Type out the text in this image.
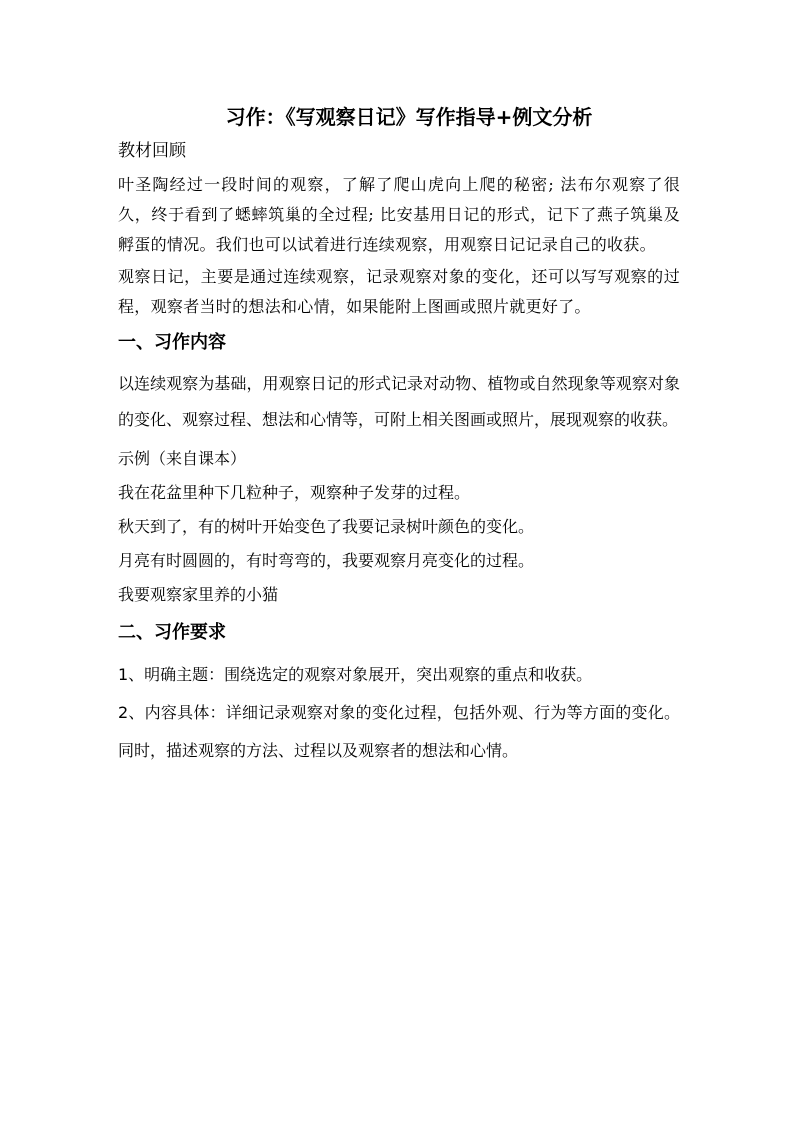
习作：《写观察日记》写作指导+例文分析
教材回顾

叶圣陶经过一段时间的观察，了解了爬山虎向上爬的秘密; 法布尔观察了很久，终于看到了蟋蟀筑巢的全过程; 比安基用日记的形式，记下了燕子筑巢及孵蛋的情况。我们也可以试着进行连续观察，用观察日记记录自己的收获。

观察日记，主要是通过连续观察，记录观察对象的变化，还可以写写观察的过程，观察者当时的想法和心情，如果能附上图画或照片就更好了。

一、习作内容

以连续观察为基础，用观察日记的形式记录对动物、植物或自然现象等观察对象的变化、观察过程、想法和心情等，可附上相关图画或照片，展现观察的收获。

示例（来自课本）
我在花盆里种下几粒种子，观察种子发芽的过程。
秋天到了，有的树叶开始变色了我要记录树叶颜色的变化。
月亮有时圆圆的，有时弯弯的，我要观察月亮变化的过程。
我要观察家里养的小猫
二、习作要求

1、明确主题：围绕选定的观察对象展开，突出观察的重点和收获。

2、内容具体：详细记录观察对象的变化过程，包括外观、行为等方面的变化。同时，描述观察的方法、过程以及观察者的想法和心情。
